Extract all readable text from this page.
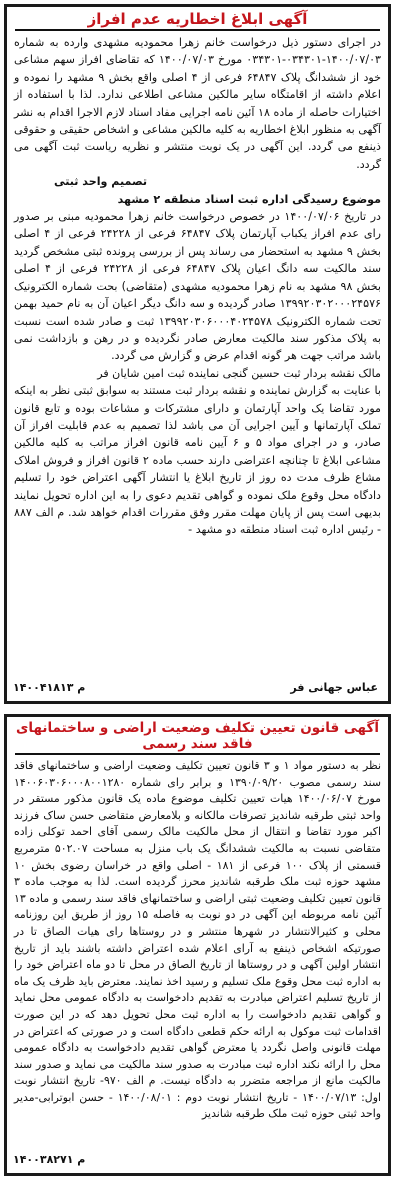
آگهی ابلاغ اخطاریه عدم افراز

در اجرای دستور ذیل درخواست خانم زهرا محمودیه مشهدی وارده به شماره ۱۴۰۰/۰۷/۰۳-۰۳۴۳۰۱-۰۳۴۳۰۱ مورخ ۱۴۰۰/۰۷/۰۳ که تقاضای افراز سهم مشاعی خود از ششدانگ پلاک ۶۴۸۴۷ فرعی از ۴ اصلی واقع بخش ۹ مشهد را نموده و اعلام داشته از اقامتگاه سایر مالکین مشاعی اطلاعی ندارد. لذا با استفاده از اختیارات حاصله از ماده ۱۸ آئین نامه اجرایی مفاد اسناد لازم الاجرا اقدام به نشر آگهی به منظور ابلاغ اخطاریه به کلیه مالکین مشاعی و اشخاص حقیقی و حقوقی ذینفع می گردد. این آگهی در یک نوبت منتشر و نظریه ریاست ثبت آگهی می گردد.

تصمیم واحد ثبتی

موضوع رسیدگی اداره ثبت اسناد منطقه ۲ مشهد

در تاریخ ۱۴۰۰/۰۷/۰۶ در خصوص درخواست خانم زهرا محمودیه مبنی بر صدور رای عدم افراز یکباب آپارتمان پلاک ۶۴۸۴۷ فرعی از ۲۴۲۲۸ فرعی از ۴ اصلی بخش ۹ مشهد به استحضار می رساند پس از بررسی پرونده ثبتی مشخص گردید سند مالکیت سه دانگ اعیان پلاک ۶۴۸۴۷ فرعی از ۲۴۲۲۸ فرعی از ۴ اصلی بخش ۹۸ مشهد به نام زهرا محمودیه مشهدی (متقاضی) بحت شماره الکترونیک ۱۳۹۹۲۰۳۰۲۰۰۰۲۴۵۷۶ صادر گردیده و سه دانگ دیگر اعیان آن به نام حمید بهمن تحت شماره الکترونیک ۱۳۹۹۲۰۳۰۶۰۰۰۴۰۲۴۵۷۸ ثبت و صادر شده است نسبت به پلاک مذکور سند مالکیت معارض صادر نگردیده و در رهن و بازداشت نمی باشد مراتب جهت هر گونه اقدام عرض و گزارش می گردد.

مالک نقشه بردار ثبت حسین گنجی نماینده ثبت امین شایان فر

با عنایت به گزارش نماینده و نقشه بردار ثبت مستند به سوابق ثبتی نظر به اینکه مورد تقاضا یک واحد آپارتمان و دارای مشترکات و مشاعات بوده و تابع قانون تملک آپارتمانها و آیین اجرایی آن می باشد لذا تصمیم به عدم قابلیت افراز آن صادر، و در اجرای مواد ۵ و ۶ آیین نامه قانون افراز مراتب به کلیه مالکین مشاعی ابلاغ تا چنانچه اعتراضی دارند حسب ماده ۲ قانون افراز و فروش املاک مشاع ظرف مدت ده روز از تاریخ ابلاغ یا انتشار آگهی اعتراض خود را تسلیم دادگاه محل وقوع ملک نموده و گواهی تقدیم دعوی را به این اداره تحویل نمایند بدیهی است پس از پایان مهلت مقرر وفق مقررات اقدام خواهد شد. م الف ۸۸۷ - رئیس اداره ثبت اسناد منطقه دو مشهد -

عباس جهانی فر
۱۴۰۰۴۱۸۱۳ م
آگهی قانون تعیین تکلیف وضعیت اراضی و ساختمانهای فاقد سند رسمی

نظر به دستور مواد ۱ و ۳ قانون تعیین تکلیف وضعیت اراضی و ساختمانهای فاقد سند رسمی مصوب ۱۳۹۰/۰۹/۲۰ و برابر رای شماره ۱۴۰۰۶۰۳۰۶۰۰۰۸۰۰۱۲۸۰ مورخ ۱۴۰۰/۰۶/۰۷ هیات تعیین تکلیف موضوع ماده یک قانون مذکور مستقر در واحد ثبتی طرقبه شاندیز تصرفات مالکانه و بلامعارض متقاضی حسن ساک فرزند اکبر مورد تقاضا و انتقال از محل مالکیت مالک رسمی آقای احمد توکلی زاده متقاضی نسبت به مالکیت ششدانگ یک باب منزل به مساحت ۵۰۲.۰۷ مترمربع قسمتی از پلاک ۱۰۰ فرعی از ۱۸۱ - اصلی واقع در خراسان رضوی بخش ۱۰ مشهد حوزه ثبت ملک طرقبه شاندیز محرز گردیده است. لذا به موجب ماده ۳ قانون تعیین تکلیف وضعیت ثبتی اراضی و ساختمانهای فاقد سند رسمی و ماده ۱۳ آئین نامه مربوطه این آگهی در دو نوبت به فاصله ۱۵ روز از طریق این روزنامه محلی و کثیرالانتشار در شهرها منتشر و در روستاها رای هیات الصاق تا در صورتیکه اشخاص ذینفع به آرای اعلام شده اعتراض داشته باشند باید از تاریخ انتشار اولین آگهی و در روستاها از تاریخ الصاق در محل تا دو ماه اعتراض خود را به اداره ثبت محل وقوع ملک تسلیم و رسید اخذ نمایند. معترض باید ظرف یک ماه از تاریخ تسلیم اعتراض مبادرت به تقدیم دادخواست به دادگاه عمومی محل نماید و گواهی تقدیم دادخواست را به اداره ثبت محل تحویل دهد که در این صورت اقدامات ثبت موکول به ارائه حکم قطعی دادگاه است و در صورتی که اعتراض در مهلت قانونی واصل نگردد یا معترض گواهی تقدیم دادخواست به دادگاه عمومی محل را ارائه نکند اداره ثبت مبادرت به صدور سند مالکیت می نماید و صدور سند مالکیت مانع از مراجعه متضرر به دادگاه نیست. م الف ۹۷۰- تاریخ انتشار نوبت اول: ۱۴۰۰/۰۷/۱۳ - تاریخ انتشار نوبت دوم : ۱۴۰۰/۰۸/۰۱ - حسن ابوترابی-مدیر واحد ثبتی حوزه ثبت ملک طرقبه شاندیز

۱۴۰۰۳۸۲۷۱ م
